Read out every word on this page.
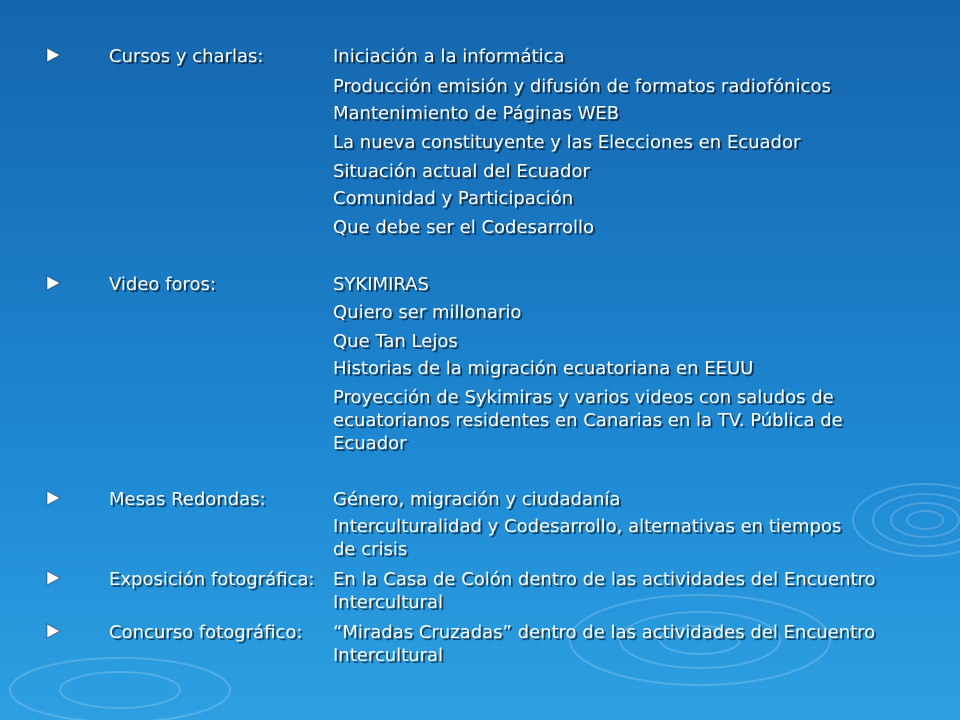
Cursos y charlas:	Iniciación a la informática
Producción emisión y difusión de formatos radiofónicos
Mantenimiento de Páginas WEB
La nueva constituyente y las Elecciones en Ecuador
Situación actual del Ecuador
Comunidad y Participación
Que debe ser el Codesarrollo
Video foros:	SYKIMIRAS
Quiero ser millonario
Que Tan Lejos
Historias de la migración ecuatoriana en EEUU
Proyección de Sykimiras y varios videos con saludos de
ecuatorianos residentes en Canarias en la TV. Pública de
Ecuador
Mesas Redondas:	Género, migración y ciudadanía
Interculturalidad y Codesarrollo, alternativas en tiempos
de crisis
Exposición fotográfica: En la Casa de Colón dentro de las actividades del Encuentro
Intercultural
Concurso fotográfico: “Miradas Cruzadas” dentro de las actividades del Encuentro
Intercultural
